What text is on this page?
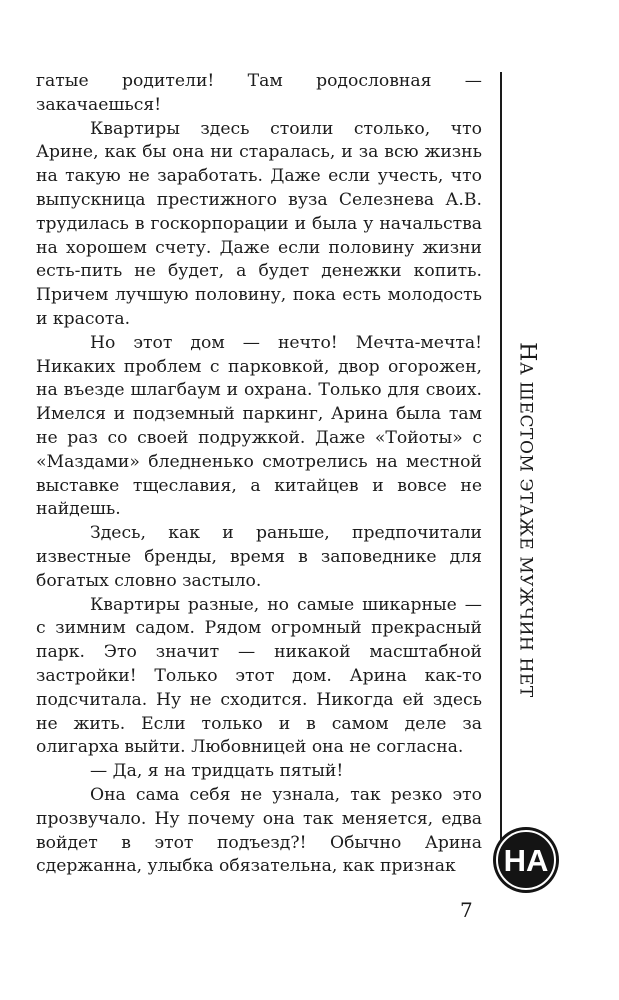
гатые родители! Там родословная — закачаешься!

Квартиры здесь стоили столько, что Арине, как бы она ни старалась, и за всю жизнь на такую не заработать. Даже если учесть, что выпускница престижного вуза Селезнева А.В. трудилась в госкорпорации и была у начальства на хорошем счету. Даже если половину жизни есть-пить не будет, а будет денежки копить. Причем лучшую половину, пока есть молодость и красота.

Но этот дом — нечто! Мечта-мечта! Никаких проблем с парковкой, двор огорожен, на въезде шлагбаум и охрана. Только для своих. Имелся и подземный паркинг, Арина была там не раз со своей подружкой. Даже «Тойоты» с «Маздами» бледненько смотрелись на местной выставке тщеславия, а китайцев и вовсе не найдешь.

Здесь, как и раньше, предпочитали известные бренды, время в заповеднике для богатых словно застыло.

Квартиры разные, но самые шикарные — с зимним садом. Рядом огромный прекрасный парк. Это значит — никакой масштабной застройки! Только этот дом. Арина как-то подсчитала. Ну не сходится. Никогда ей здесь не жить. Если только и в самом деле за олигарха выйти. Любовницей она не согласна.

— Да, я на тридцать пятый!

Она сама себя не узнала, так резко это прозвучало. Ну почему она так меняется, едва войдет в этот подъезд?! Обычно Арина сдержанна, улыбка обязательна, как признак

НА ШЕСТОМ ЭТАЖЕ МУЖЧИН НЕТ
НА
7
